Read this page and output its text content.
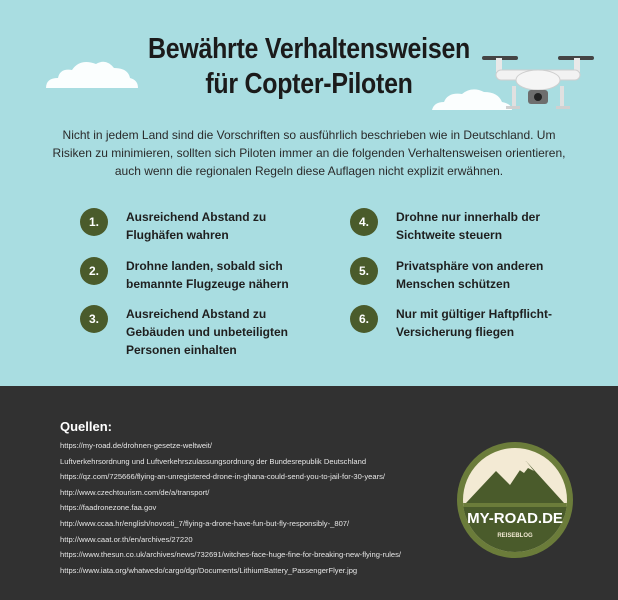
Bewährte Verhaltensweisen
für Copter-Piloten
Nicht in jedem Land sind die Vorschriften so ausführlich beschrieben wie in Deutschland. Um
Risiken zu minimieren, sollten sich Piloten immer an die folgenden Verhaltensweisen orientieren,
auch wenn die regionalen Regeln diese Auflagen nicht explizit erwähnen.
1.	Ausreichend Abstand zu
Flughäfen wahren
2.	Drohne landen, sobald sich
bemannte Flugzeuge nähern
3.	Ausreichend Abstand zu
Gebäuden und unbeteiligten
Personen einhalten
4.	Drohne nur innerhalb der
Sichtweite steuern
5.	Privatsphäre von anderen
Menschen schützen
6.	Nur mit gültiger Haftpflicht-
Versicherung fliegen
Quellen:
https://my-road.de/drohnen-gesetze-weltweit/
Luftverkehrsordnung und Luftverkehrszulassungsordnung der Bundesrepublik Deutschland
https://qz.com/725666/flying-an-unregistered-drone-in-ghana-could-send-you-to-jail-for-30-years/
http://www.czechtourism.com/de/a/transport/
https://faadronezone.faa.gov
http://www.ccaa.hr/english/novosti_7/flying-a-drone-have-fun-but-fly-responsibly-_807/
http://www.caat.or.th/en/archives/27220
https://www.thesun.co.uk/archives/news/732691/witches-face-huge-fine-for-breaking-new-flying-rules/
https://www.iata.org/whatwedo/cargo/dgr/Documents/LithiumBattery_PassengerFlyer.jpg
MY-ROAD.DE
REISEBLOG
